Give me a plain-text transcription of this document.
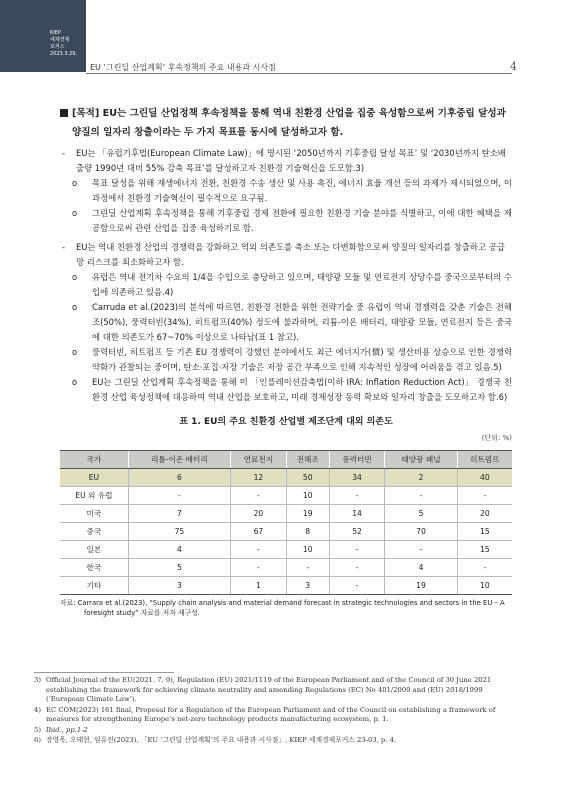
KIEP
세계경제
포커스
2023.3.29.
EU ‘그린딜 산업계획’ 후속정책의 주요 내용과 시사점	4
[목적] EU는 그린딜 산업정책 후속정책을 통해 역내 친환경 산업을 집중 육성함으로써 기후중립 달성과
양질의 일자리 창출이라는 두 가지 목표를 동시에 달성하고자 함.
- EU는 「유럽기후법(European Climate Law)」에 명시된 ‘2050년까지 기후중립 달성 목표’ 및 ‘2030년까지 탄소배출량 1990년 대비 55% 감축 목표’를 달성하고자 친환경 기술혁신을 도모함.3)
o 목표 달성을 위해 재생에너지 전환, 친환경 수송 생산 및 사용 촉진, 에너지 효율 개선 등의 과제가 제시되었으며, 이 과정에서 친환경 기술혁신이 필수적으로 요구됨.
o 그린딜 산업계획 후속정책을 통해 기후중립 경제 전환에 필요한 친환경 기술 분야를 식별하고, 이에 대한 혜택을 제공함으로써 관련 산업을 집중 육성하기로 함.
- EU는 역내 친환경 산업의 경쟁력을 강화하고 역외 의존도를 축소 또는 다변화함으로써 양질의 일자리를 창출하고 공급망 리스크를 최소화하고자 함.
o 유럽은 역내 전기차 수요의 1/4을 수입으로 충당하고 있으며, 태양광 모듈 및 연료전지 상당수를 중국으로부터의 수입에 의존하고 있음.4)
o Carruda et al.(2023)의 분석에 따르면, 친환경 전환을 위한 전략기술 중 유럽이 역내 경쟁력을 갖춘 기술은 전해조(50%), 풍력터빈(34%), 히트펌프(40%) 정도에 불과하며, 리튬-이온 배터리, 태양광 모듈, 연료전지 등은 중국에 대한 의존도가 67~70% 이상으로 나타남(표 1 참고).
o 풍력터빈, 히트펌프 등 기존 EU 경쟁력이 강했던 분야에서도 최근 에너지가(價) 및 생산비용 상승으로 인한 경쟁력 약화가 관찰되는 중이며, 탄소·포집·저장 기술은 저장 공간 부족으로 인해 지속적인 성장에 어려움을 겪고 있음.5)
o EU는 그린딜 산업계획 후속정책을 통해 미 「인플레이션감축법(이하 IRA: Inflation Reduction Act)」 경쟁국 친환경 산업 육성정책에 대응하여 역내 산업을 보호하고, 미래 경제성장 동력 확보와 일자리 창출을 도모하고자 함.6)
표 1. EU의 주요 친환경 산업별 제조단계 대외 의존도
(단위: %)
국가	리튬-이온 배터리	연료전지	전해조	풍력터빈	태양광 패널	히트펌프
EU	6	12	50	34	2	40
EU 외 유럽	-	-	10	-	-	-
미국	7	20	19	14	5	20
중국	75	67	8	52	70	15
일본	4	-	10	-	-	15
한국	5	-	-	-	4	-
기타	3	1	3	-	19	10
자료: Carrara et al.(2023), “Supply chain analysis and material demand forecast in strategic technologies and sectors in the EU – A foresight study” 자료를 저자 재구성.
3) Official Journal of the EU(2021. 7. 9), Regulation (EU) 2021/1119 of the European Parliament and of the Council of 30 June 2021 establishing the framework for achieving climate neutrality and amending Regulations (EC) No 401/2009 and (EU) 2018/1999 (‘European Climate Law’).
4) EC COM(2023) 161 final, Proposal for a Regulation of the European Parliament and of the Council on establishing a framework of measures for strengthening Europe’s net-zero technology products manufacturing ecosystem, p. 1.
5) Ibid., pp.1-2
6) 장영욱, 오태현, 임유진(2023), 「EU ‘그린딜 산업계획’의 주요 내용과 시사점」, KIEP 세계경제포커스 23-03, p. 4.
